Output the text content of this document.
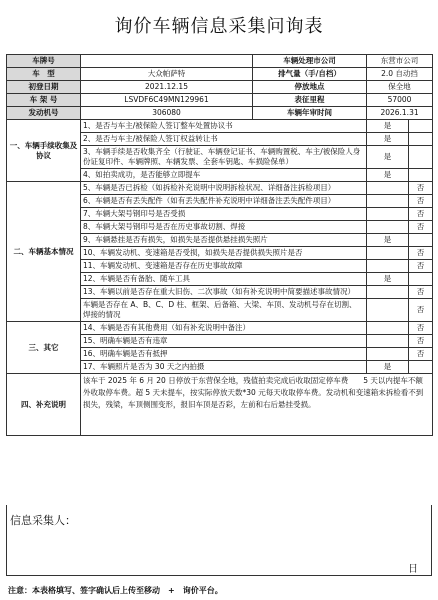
询价车辆信息采集问询表
车牌号		车辆处理市公司	东营市公司	
车　型	大众帕萨特	排气量（手/自档）	2.0 自动挡	
初登日期	2021.12.15	停放地点	保全地	
车 架 号	LSVDF6C49MN129961	表征里程	57000	
发动机号	306080	车辆年审时间	2026.1.31	
一、车辆手续收集及协议	1、是否与车主/被保险人签订整车处置协议书		是	
	2、是否与车主/被保险人签订权益转让书		是	
	3、车辆手续是否收集齐全（行驶证、车辆登记证书、车辆购置税、车主/被保险人身份证复印件、车辆牌照、车辆发票、全套车钥匙、车损险保单）		是	
	4、如拍卖成功，是否能够立即提车		是	
二、车辆基本情况	5、车辆是否已拆检（如拆检补充说明中说明拆检状况、详细备注拆检项目）			否
	6、车辆是否有丢失配件（如有丢失配件补充说明中详细备注丢失配件项目）			否
	7、车辆大架号钢印号是否受损			否
	8、车辆大架号钢印号是否在历史事故切割、焊接			否
	9、车辆悬挂是否有损失，如损失是否提供悬挂损失照片		是	
	10、车辆发动机、变速箱是否受损，如损失是否提供损失照片是否			否
	11、车辆发动机、变速箱是否存在历史事故故障			否
	12、车辆是否有备胎、随车工具		是	
	13、车辆以前是否存在重大旧伤、二次事故（如有补充说明中简要描述事故情况）			否
	车辆是否存在 A、B、C、D 柱、框架、后备箱、大梁、车顶、发动机号存在切割、焊接的情况			否
三、其它	14、车辆是否有其他费用（如有补充说明中备注）			否
	15、明确车辆是否有违章			否
	16、明确车辆是否有抵押			否
	17、车辆照片是否为 30 天之内拍摄		是	
四、补充说明	该车于 2025 年 6 月 20 日停放于东营保全地，残值拍卖完成后收取固定停车费　　5 天以内提车不额外收取停车费。超 5 天未提车，按实际停放天数*30 元每天收取停车费。发动机和变速箱未拆检看不到损失，残梁，车顶侧围变形，报旧车顶是否彩，左前和右后悬挂受损。			
信息采集人：
日
注意：本表格填写、签字确认后上传至移动　+　询价平台。
